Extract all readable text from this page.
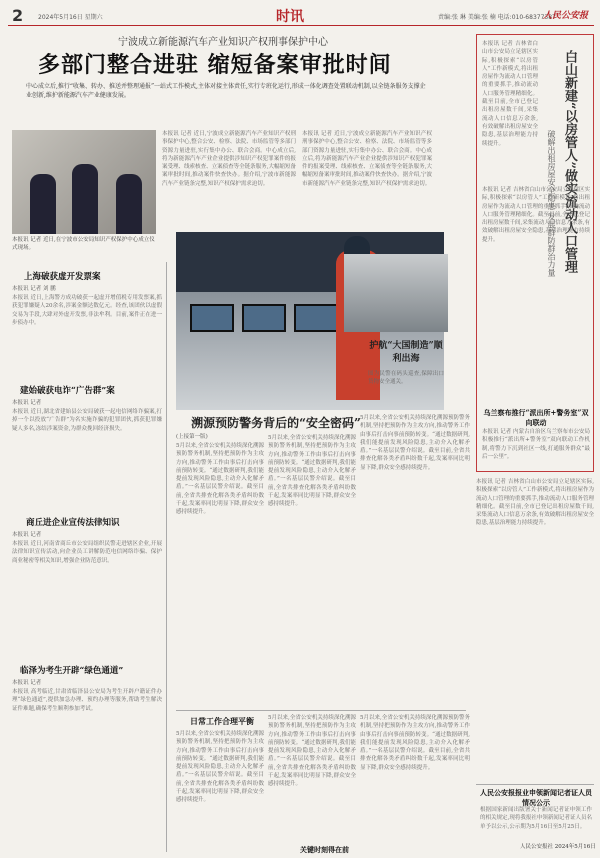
2 2024年5月16日 星期六	时讯	责编:张 琳 美编:张 楠 电话:010-68377387
人民公安报
宁波成立新能源汽车产业知识产权刑事保护中心
多部门整合进驻 缩短备案审批时间
中心成立后,推行“收集、转办、推送并整理通报”一站式工作模式,主体对接主体责任,实行专班化运行,形成一体化调查处置联动机制,以全链条服务支撑企业创新,维护新能源汽车产业健康发展。
本报讯 记者 近日,在宁波市公安局知识产权保护中心成立仪式现场。
本报讯 记者 近日,宁波成立新能源汽车产业知识产权刑事保护中心,整合公安、检察、法院、市场监管等多部门资源力量进驻,实行集中办公、联合会商。中心成立后,将为新能源汽车产业企业提供涉知识产权犯罪案件的报案受理、线索核查、立案侦查等全链条服务,大幅缩短备案审批时间,推动案件快查快办。据介绍,宁波市新能源汽车产业链条完整,知识产权保护需求迫切。
本报讯 记者 近日,宁波成立新能源汽车产业知识产权刑事保护中心,整合公安、检察、法院、市场监管等多部门资源力量进驻,实行集中办公、联合会商。中心成立后,将为新能源汽车产业企业提供涉知识产权犯罪案件的报案受理、线索核查、立案侦查等全链条服务,大幅缩短备案审批时间,推动案件快查快办。据介绍,宁波市新能源汽车产业链条完整,知识产权保护需求迫切。
上海破获虚开发票案
本报讯 记者 刘 鹏
本报讯 近日,上海警方成功破获一起虚开增值税专用发票案,抓获犯罪嫌疑人20余名,涉案金额达数亿元。经查,该团伙以虚假交易为手段,大肆对外虚开发票,非法牟利。目前,案件正在进一步侦办中。
建始破获电诈“广告群”案
本报讯 记者
本报讯 近日,湖北省建始县公安局破获一起电信网络诈骗案,打掉一个以投放“广告群”为名实施诈骗的犯罪团伙,抓获犯罪嫌疑人多名,冻结涉案资金,为群众挽回经济损失。
商丘进企业宣传法律知识
本报讯 记者
本报讯 近日,河南省商丘市公安局组织民警走进辖区企业,开展法律知识宣传活动,向企业员工讲解防范电信网络诈骗、保护商业秘密等相关知识,增强企业防范意识。
临泽为考生开辟“绿色通道”
本报讯 记者
本报讯 高考临近,甘肃省临泽县公安局为考生开辟户籍证件办理“绿色通道”,提供加急办理、预约办理等服务,帮助考生解决证件难题,确保考生顺利参加考试。
护航“大国制造”顺利出海
图为民警在码头巡查,保障出口货物安全通关。
溯源预防警务背后的“安全密码”
(上接第一版)
5月以来,全省公安机关持续深化溯源预防警务机制,坚持把预防作为主攻方向,推动警务工作由事后打击向事前预防转变。“通过数据研判,我们能提前发现风险隐患,主动介入化解矛盾。”一名基层民警介绍说。截至目前,全省共排查化解各类矛盾纠纷数千起,发案率同比明显下降,群众安全感持续提升。
5月以来,全省公安机关持续深化溯源预防警务机制,坚持把预防作为主攻方向,推动警务工作由事后打击向事前预防转变。“通过数据研判,我们能提前发现风险隐患,主动介入化解矛盾。”一名基层民警介绍说。截至目前,全省共排查化解各类矛盾纠纷数千起,发案率同比明显下降,群众安全感持续提升。
5月以来,全省公安机关持续深化溯源预防警务机制,坚持把预防作为主攻方向,推动警务工作由事后打击向事前预防转变。“通过数据研判,我们能提前发现风险隐患,主动介入化解矛盾。”一名基层民警介绍说。截至目前,全省共排查化解各类矛盾纠纷数千起,发案率同比明显下降,群众安全感持续提升。
日常工作合理平衡
5月以来,全省公安机关持续深化溯源预防警务机制,坚持把预防作为主攻方向,推动警务工作由事后打击向事前预防转变。“通过数据研判,我们能提前发现风险隐患,主动介入化解矛盾。”一名基层民警介绍说。截至目前,全省共排查化解各类矛盾纠纷数千起,发案率同比明显下降,群众安全感持续提升。
5月以来,全省公安机关持续深化溯源预防警务机制,坚持把预防作为主攻方向,推动警务工作由事后打击向事前预防转变。“通过数据研判,我们能提前发现风险隐患,主动介入化解矛盾。”一名基层民警介绍说。截至目前,全省共排查化解各类矛盾纠纷数千起,发案率同比明显下降,群众安全感持续提升。
5月以来,全省公安机关持续深化溯源预防警务机制,坚持把预防作为主攻方向,推动警务工作由事后打击向事前预防转变。“通过数据研判,我们能提前发现风险隐患,主动介入化解矛盾。”一名基层民警介绍说。截至目前,全省共排查化解各类矛盾纠纷数千起,发案率同比明显下降,群众安全感持续提升。
关键时刻得在前
白山新建“以房管人”做实流动人口管理
破解出租房屋安全隐患 发展群防群治力量
本报讯 记者 吉林省白山市公安局立足辖区实际,积极探索“以房管人”工作新模式,将出租房屋作为流动人口管理的重要抓手,推动流动人口服务管理精细化。截至目前,全市已登记出租房屋数千间,采集流动人口信息万余条,有效破解出租房屋安全隐患,基层治理能力持续提升。
本报讯 记者 吉林省白山市公安局立足辖区实际,积极探索“以房管人”工作新模式,将出租房屋作为流动人口管理的重要抓手,推动流动人口服务管理精细化。截至目前,全市已登记出租房屋数千间,采集流动人口信息万余条,有效破解出租房屋安全隐患,基层治理能力持续提升。
乌兰察布推行“派出所+警务室”双向联动
本报讯 记者 内蒙古自治区乌兰察布市公安局积极推行“派出所+警务室”双向联动工作机制,将警力下沉到社区一线,打通服务群众“最后一公里”。
本报讯 记者 吉林省白山市公安局立足辖区实际,积极探索“以房管人”工作新模式,将出租房屋作为流动人口管理的重要抓手,推动流动人口服务管理精细化。截至目前,全市已登记出租房屋数千间,采集流动人口信息万余条,有效破解出租房屋安全隐患,基层治理能力持续提升。
人民公安报报业申领新闻记者证人员情况公示
根据国家新闻出版署关于新闻记者证申领工作的相关规定,现将我报社申领新闻记者证人员名单予以公示,公示期为5月16日至5月25日。
人民公安报社 2024年5月16日
